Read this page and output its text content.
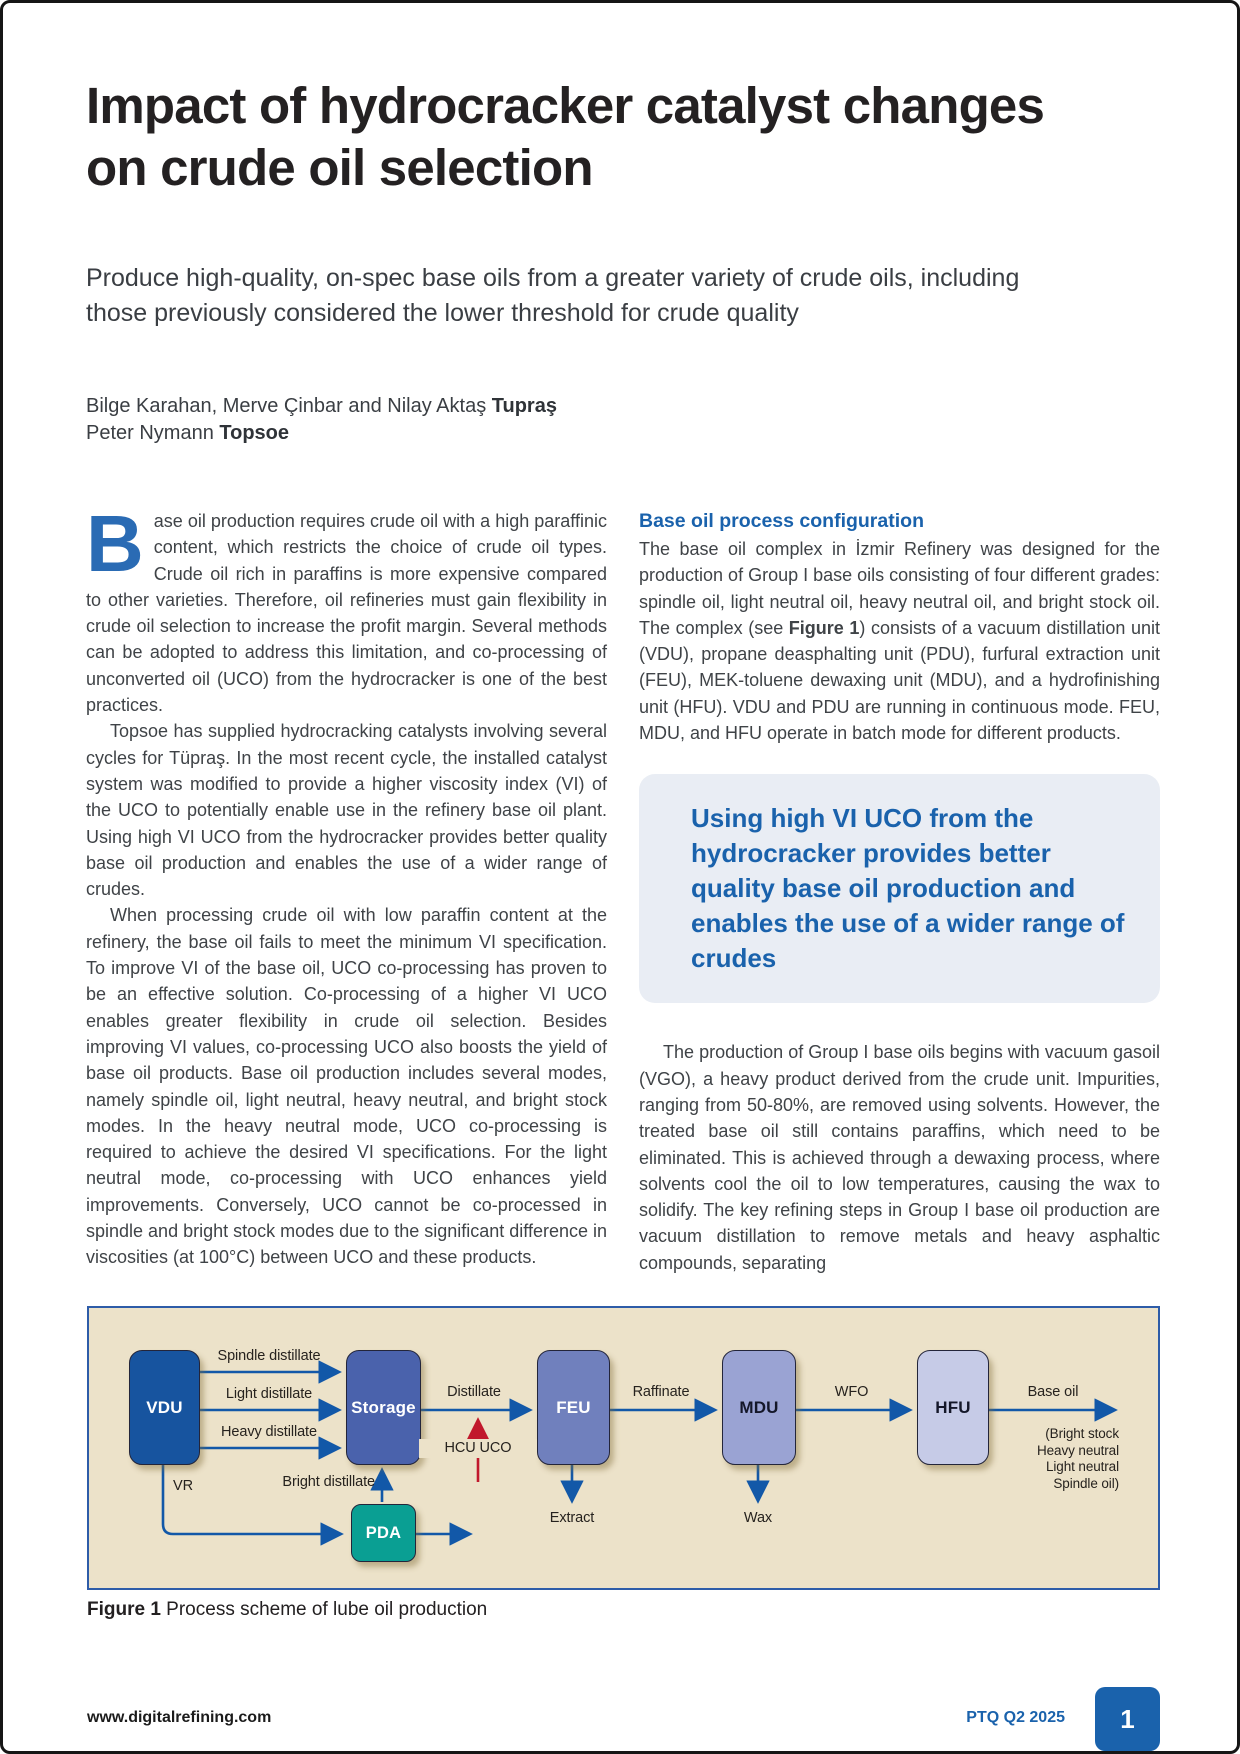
Impact of hydrocracker catalyst changes on crude oil selection

Produce high-quality, on-spec base oils from a greater variety of crude oils, including those previously considered the lower threshold for crude quality

Bilge Karahan, Merve Çinbar and Nilay Aktaş Tupraş
Peter Nymann Topsoe

Base oil production requires crude oil with a high paraffinic content, which restricts the choice of crude oil types. Crude oil rich in paraffins is more expensive compared to other varieties. Therefore, oil refineries must gain flexibility in crude oil selection to increase the profit margin. Several methods can be adopted to address this limitation, and co-processing of unconverted oil (UCO) from the hydrocracker is one of the best practices.

Topsoe has supplied hydrocracking catalysts involving several cycles for Tüpraş. In the most recent cycle, the installed catalyst system was modified to provide a higher viscosity index (VI) of the UCO to potentially enable use in the refinery base oil plant. Using high VI UCO from the hydrocracker provides better quality base oil production and enables the use of a wider range of crudes.

When processing crude oil with low paraffin content at the refinery, the base oil fails to meet the minimum VI specification. To improve VI of the base oil, UCO co-processing has proven to be an effective solution. Co-processing of a higher VI UCO enables greater flexibility in crude oil selection. Besides improving VI values, co-processing UCO also boosts the yield of base oil products. Base oil production includes several modes, namely spindle oil, light neutral, heavy neutral, and bright stock modes. In the heavy neutral mode, UCO co-processing is required to achieve the desired VI specifications. For the light neutral mode, co-processing with UCO enhances yield improvements. Conversely, UCO cannot be co-processed in spindle and bright stock modes due to the significant difference in viscosities (at 100°C) between UCO and these products.

Base oil process configuration

The base oil complex in İzmir Refinery was designed for the production of Group I base oils consisting of four different grades: spindle oil, light neutral oil, heavy neutral oil, and bright stock oil. The complex (see Figure 1) consists of a vacuum distillation unit (VDU), propane deasphalting unit (PDU), furfural extraction unit (FEU), MEK-toluene dewaxing unit (MDU), and a hydrofinishing unit (HFU). VDU and PDU are running in continuous mode. FEU, MDU, and HFU operate in batch mode for different products.

Using high VI UCO from the hydrocracker provides better quality base oil production and enables the use of a wider range of crudes

The production of Group I base oils begins with vacuum gasoil (VGO), a heavy product derived from the crude unit. Impurities, ranging from 50-80%, are removed using solvents. However, the treated base oil still contains paraffins, which need to be eliminated. This is achieved through a dewaxing process, where solvents cool the oil to low temperatures, causing the wax to solidify. The key refining steps in Group I base oil production are vacuum distillation to remove metals and heavy asphaltic compounds, separating

VDU	Storage	FEU	MDU	HFU
PDA
Spindle distillate
Light distillate
Heavy distillate
VR	Bright distillate
Distillate
HCU UCO
Raffinate	WFO	Base oil
(Bright stock
Heavy neutral
Light neutral
Spindle oil)
Extract	Wax

Figure 1 Process scheme of lube oil production

www.digitalrefining.com	PTQ Q2 2025 1
